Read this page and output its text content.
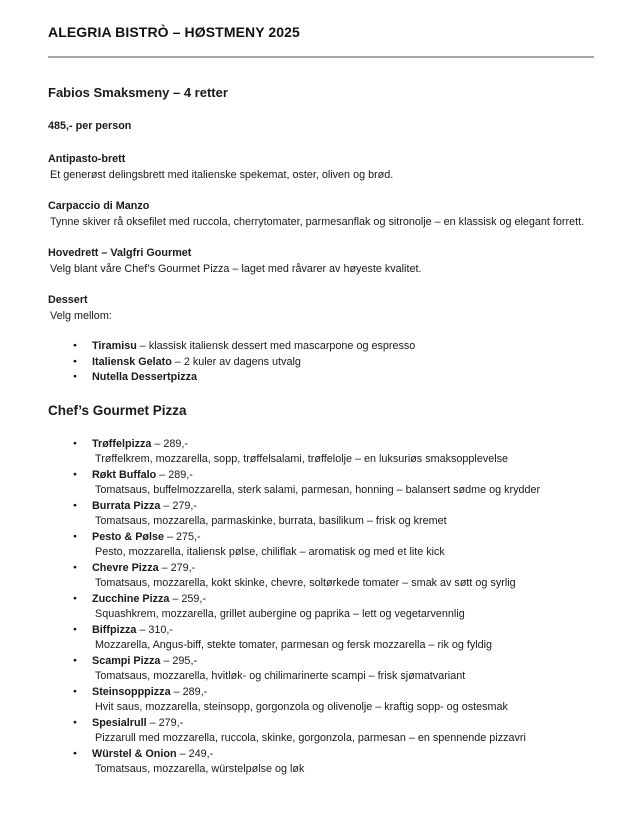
ALEGRIA BISTRÒ – HØSTMENY 2025
Fabios Smaksmeny – 4 retter

485,- per person

Antipasto-brett

Et generøst delingsbrett med italienske spekemat, oster, oliven og brød.

Carpaccio di Manzo

Tynne skiver rå oksefilet med ruccola, cherrytomater, parmesanflak og sitronolje – en klassisk og elegant forrett.

Hovedrett – Valgfri Gourmet

Velg blant våre Chef’s Gourmet Pizza – laget med råvarer av høyeste kvalitet.

Dessert

Velg mellom:

● Tiramisu – klassisk italiensk dessert med mascarpone og espresso
● Italiensk Gelato – 2 kuler av dagens utvalg
● Nutella Dessertpizza
Chef’s Gourmet Pizza
● Trøffelpizza – 289,-
Trøffelkrem, mozzarella, sopp, trøffelsalami, trøffelolje – en luksuriøs smaksopplevelse
● Røkt Buffalo – 289,-
Tomatsaus, buffelmozzarella, sterk salami, parmesan, honning – balansert sødme og krydder
● Burrata Pizza – 279,-
Tomatsaus, mozzarella, parmaskinke, burrata, basilikum – frisk og kremet
● Pesto & Pølse – 275,-
Pesto, mozzarella, italiensk pølse, chiliflak – aromatisk og med et lite kick
● Chevre Pizza – 279,-
Tomatsaus, mozzarella, kokt skinke, chevre, soltørkede tomater – smak av søtt og syrlig
● Zucchine Pizza – 259,-
Squashkrem, mozzarella, grillet aubergine og paprika – lett og vegetarvennlig
● Biffpizza – 310,-
Mozzarella, Angus-biff, stekte tomater, parmesan og fersk mozzarella – rik og fyldig
● Scampi Pizza – 295,-
Tomatsaus, mozzarella, hvitløk- og chilimarinerte scampi – frisk sjømatvariant
● Steinsopppizza – 289,-
Hvit saus, mozzarella, steinsopp, gorgonzola og olivenolje – kraftig sopp- og ostesmak
● Spesialrull – 279,-
Pizzarull med mozzarella, ruccola, skinke, gorgonzola, parmesan – en spennende pizzavri
● Würstel & Onion – 249,-
Tomatsaus, mozzarella, würstelpølse og løk
